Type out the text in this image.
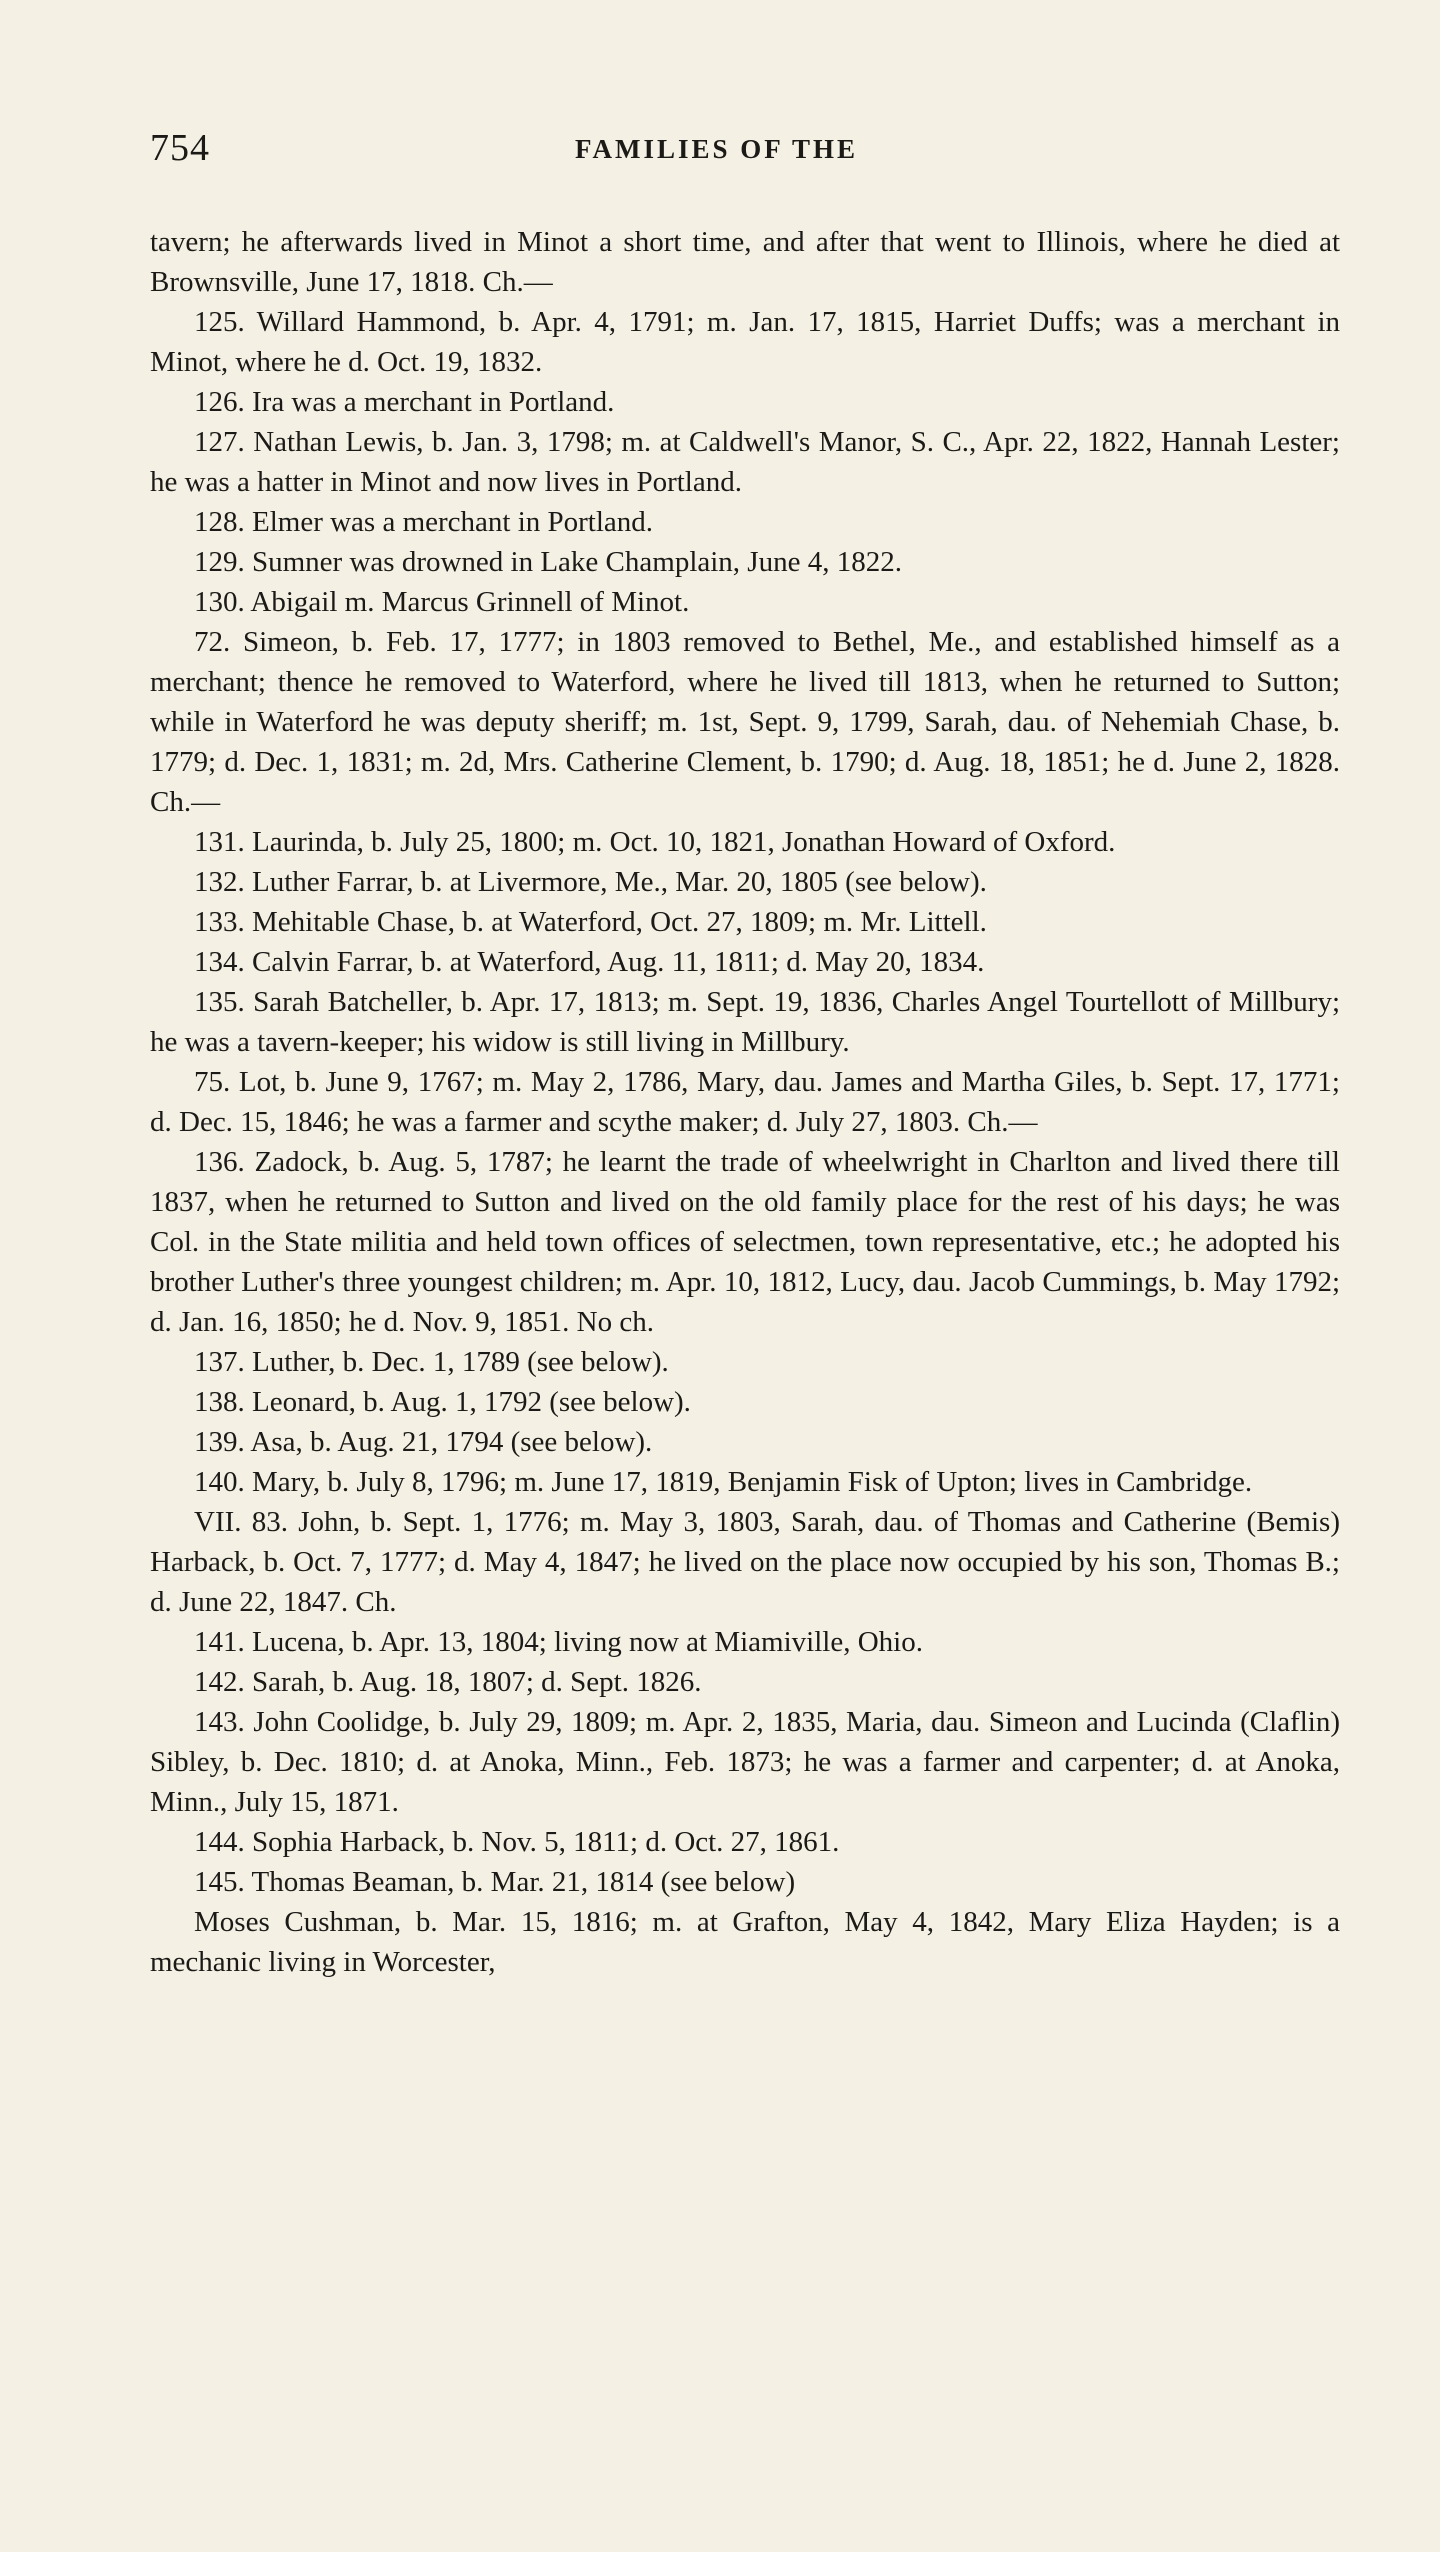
754	FAMILIES OF THE

tavern; he afterwards lived in Minot a short time, and after that went to Illinois, where he died at Brownsville, June 17, 1818. Ch.—

125. Willard Hammond, b. Apr. 4, 1791; m. Jan. 17, 1815, Harriet Duffs; was a merchant in Minot, where he d. Oct. 19, 1832.

126. Ira was a merchant in Portland.

127. Nathan Lewis, b. Jan. 3, 1798; m. at Caldwell's Manor, S. C., Apr. 22, 1822, Hannah Lester; he was a hatter in Minot and now lives in Portland.

128. Elmer was a merchant in Portland.

129. Sumner was drowned in Lake Champlain, June 4, 1822.

130. Abigail m. Marcus Grinnell of Minot.

72. Simeon, b. Feb. 17, 1777; in 1803 removed to Bethel, Me., and established himself as a merchant; thence he removed to Waterford, where he lived till 1813, when he returned to Sutton; while in Waterford he was deputy sheriff; m. 1st, Sept. 9, 1799, Sarah, dau. of Nehemiah Chase, b. 1779; d. Dec. 1, 1831; m. 2d, Mrs. Catherine Clement, b. 1790; d. Aug. 18, 1851; he d. June 2, 1828. Ch.—

131. Laurinda, b. July 25, 1800; m. Oct. 10, 1821, Jonathan Howard of Oxford.

132. Luther Farrar, b. at Livermore, Me., Mar. 20, 1805 (see below).

133. Mehitable Chase, b. at Waterford, Oct. 27, 1809; m. Mr. Littell.

134. Calvin Farrar, b. at Waterford, Aug. 11, 1811; d. May 20, 1834.

135. Sarah Batcheller, b. Apr. 17, 1813; m. Sept. 19, 1836, Charles Angel Tourtellott of Millbury; he was a tavern-keeper; his widow is still living in Millbury.

75. Lot, b. June 9, 1767; m. May 2, 1786, Mary, dau. James and Martha Giles, b. Sept. 17, 1771; d. Dec. 15, 1846; he was a farmer and scythe maker; d. July 27, 1803. Ch.—

136. Zadock, b. Aug. 5, 1787; he learnt the trade of wheelwright in Charlton and lived there till 1837, when he returned to Sutton and lived on the old family place for the rest of his days; he was Col. in the State militia and held town offices of selectmen, town representative, etc.; he adopted his brother Luther's three youngest children; m. Apr. 10, 1812, Lucy, dau. Jacob Cummings, b. May 1792; d. Jan. 16, 1850; he d. Nov. 9, 1851. No ch.

137. Luther, b. Dec. 1, 1789 (see below).

138. Leonard, b. Aug. 1, 1792 (see below).

139. Asa, b. Aug. 21, 1794 (see below).

140. Mary, b. July 8, 1796; m. June 17, 1819, Benjamin Fisk of Upton; lives in Cambridge.

VII. 83. John, b. Sept. 1, 1776; m. May 3, 1803, Sarah, dau. of Thomas and Catherine (Bemis) Harback, b. Oct. 7, 1777; d. May 4, 1847; he lived on the place now occupied by his son, Thomas B.; d. June 22, 1847. Ch.

141. Lucena, b. Apr. 13, 1804; living now at Miamiville, Ohio.

142. Sarah, b. Aug. 18, 1807; d. Sept. 1826.

143. John Coolidge, b. July 29, 1809; m. Apr. 2, 1835, Maria, dau. Simeon and Lucinda (Claflin) Sibley, b. Dec. 1810; d. at Anoka, Minn., Feb. 1873; he was a farmer and carpenter; d. at Anoka, Minn., July 15, 1871.

144. Sophia Harback, b. Nov. 5, 1811; d. Oct. 27, 1861.

145. Thomas Beaman, b. Mar. 21, 1814 (see below)

Moses Cushman, b. Mar. 15, 1816; m. at Grafton, May 4, 1842, Mary Eliza Hayden; is a mechanic living in Worcester,
